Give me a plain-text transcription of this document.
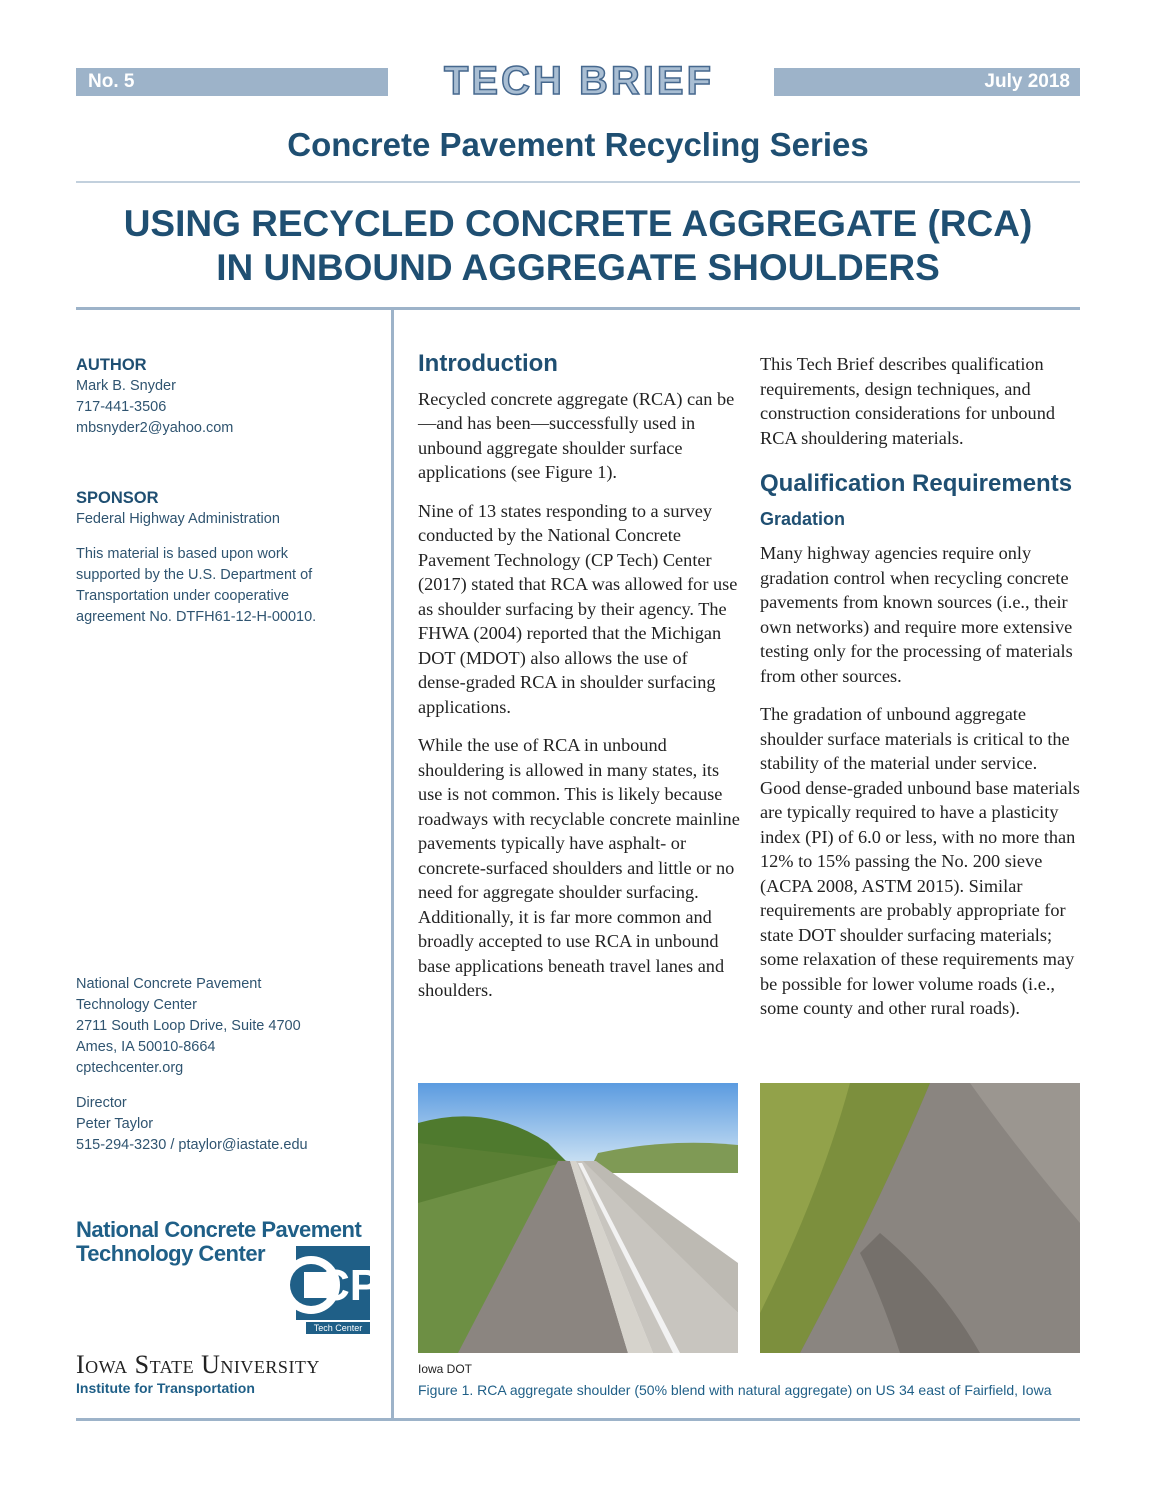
No. 5	TECH BRIEF	July 2018
Concrete Pavement Recycling Series
USING RECYCLED CONCRETE AGGREGATE (RCA)
IN UNBOUND AGGREGATE SHOULDERS

AUTHOR

Mark B. Snyder

717-441-3506

mbsnyder2@yahoo.com

SPONSOR

Federal Highway Administration

This material is based upon work supported by the U.S. Department of Transportation under cooperative agreement No. DTFH61-12-H-00010.

National Concrete Pavement

Technology Center

2711 South Loop Drive, Suite 4700

Ames, IA 50010-8664

cptechcenter.org

Director

Peter Taylor

515-294-3230 / ptaylor@iastate.edu

National Concrete Pavement
Technology Center
CP
Tech Center
Iowa State University
Institute for Transportation
Introduction

Recycled concrete aggregate (RCA) can be—and has been—successfully used in unbound aggregate shoulder surface applications (see Figure 1).

Nine of 13 states responding to a survey conducted by the National Concrete Pavement Technology (CP Tech) Center (2017) stated that RCA was allowed for use as shoulder surfacing by their agency. The FHWA (2004) reported that the Michigan DOT (MDOT) also allows the use of dense-graded RCA in shoulder surfacing applications.

While the use of RCA in unbound shouldering is allowed in many states, its use is not common. This is likely because roadways with recyclable concrete mainline pavements typically have asphalt- or concrete-surfaced shoulders and little or no need for aggregate shoulder surfacing. Additionally, it is far more common and broadly accepted to use RCA in unbound base applications beneath travel lanes and shoulders.

This Tech Brief describes qualification requirements, design techniques, and construction considerations for unbound RCA shouldering materials.

Qualification Requirements
Gradation

Many highway agencies require only gradation control when recycling concrete pavements from known sources (i.e., their own networks) and require more extensive testing only for the processing of materials from other sources.

The gradation of unbound aggregate shoulder surface materials is critical to the stability of the material under service. Good dense-graded unbound base materials are typically required to have a plasticity index (PI) of 6.0 or less, with no more than 12% to 15% passing the No. 200 sieve (ACPA 2008, ASTM 2015). Similar requirements are probably appropriate for state DOT shoulder surfacing materials; some relaxation of these requirements may be possible for lower volume roads (i.e., some county and other rural roads).

Iowa DOT
Figure 1. RCA aggregate shoulder (50% blend with natural aggregate) on US 34 east of Fairfield, Iowa
